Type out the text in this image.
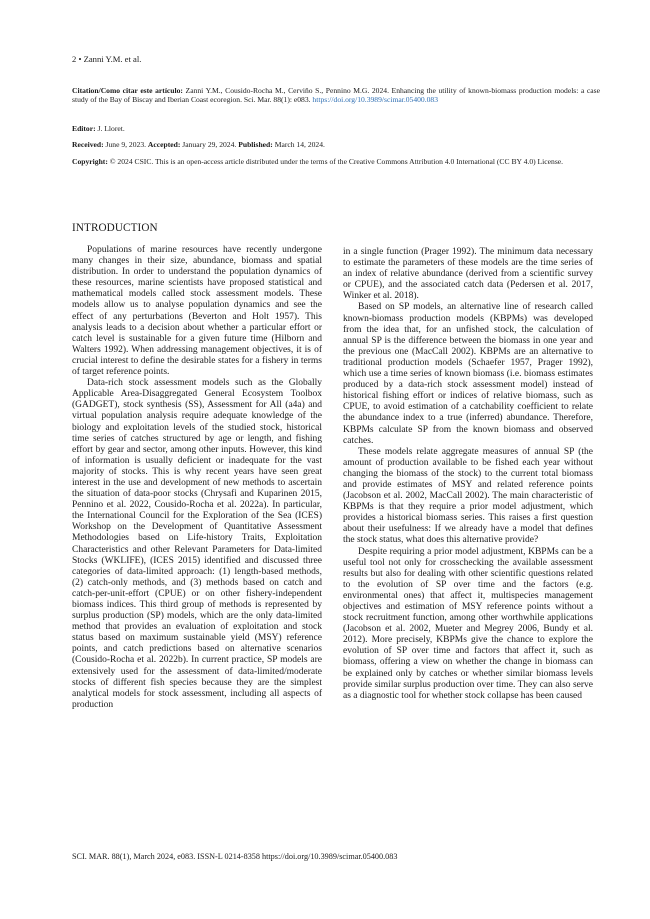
2 • Zanni Y.M. et al.
Citation/Como citar este artículo: Zanni Y.M., Cousido-Rocha M., Cerviño S., Pennino M.G. 2024. Enhancing the utility of known-biomass production models: a case study of the Bay of Biscay and Iberian Coast ecoregion. Sci. Mar. 88(1): e083. https://doi.org/10.3989/scimar.05400.083
Editor: J. Lloret.
Received: June 9, 2023. Accepted: January 29, 2024. Published: March 14, 2024.
Copyright: © 2024 CSIC. This is an open-access article distributed under the terms of the Creative Commons Attribution 4.0 International (CC BY 4.0) License.
INTRODUCTION

Populations of marine resources have recently undergone many changes in their size, abundance, biomass and spatial distribution. In order to understand the population dynamics of these resources, marine scientists have proposed statistical and mathematical models called stock assessment models. These models allow us to analyse population dynamics and see the effect of any perturbations (Beverton and Holt 1957). This analysis leads to a decision about whether a particular effort or catch level is sustainable for a given future time (Hilborn and Walters 1992). When addressing management objectives, it is of crucial interest to define the desirable states for a fishery in terms of target reference points.

Data-rich stock assessment models such as the Globally Applicable Area-Disaggregated General Ecosystem Toolbox (GADGET), stock synthesis (SS), Assessment for All (a4a) and virtual population analysis require adequate knowledge of the biology and exploitation levels of the studied stock, historical time series of catches structured by age or length, and fishing effort by gear and sector, among other inputs. However, this kind of information is usually deficient or inadequate for the vast majority of stocks. This is why recent years have seen great interest in the use and development of new methods to ascertain the situation of data-poor stocks (Chrysafi and Kuparinen 2015, Pennino et al. 2022, Cousido-Rocha et al. 2022a). In particular, the International Council for the Exploration of the Sea (ICES) Workshop on the Development of Quantitative Assessment Methodologies based on Life-history Traits, Exploitation Characteristics and other Relevant Parameters for Data-limited Stocks (WKLIFE), (ICES 2015) identified and discussed three categories of data-limited approach: (1) length-based methods, (2) catch-only methods, and (3) methods based on catch and catch-per-unit-effort (CPUE) or on other fishery-independent biomass indices. This third group of methods is represented by surplus production (SP) models, which are the only data-limited method that provides an evaluation of exploitation and stock status based on maximum sustainable yield (MSY) reference points, and catch predictions based on alternative scenarios (Cousido-Rocha et al. 2022b). In current practice, SP models are extensively used for the assessment of data-limited/moderate stocks of different fish species because they are the simplest analytical models for stock assessment, including all aspects of production

in a single function (Prager 1992). The minimum data necessary to estimate the parameters of these models are the time series of an index of relative abundance (derived from a scientific survey or CPUE), and the associated catch data (Pedersen et al. 2017, Winker et al. 2018).

Based on SP models, an alternative line of research called known-biomass production models (KBPMs) was developed from the idea that, for an unfished stock, the calculation of annual SP is the difference between the biomass in one year and the previous one (MacCall 2002). KBPMs are an alternative to traditional production models (Schaefer 1957, Prager 1992), which use a time series of known biomass (i.e. biomass estimates produced by a data-rich stock assessment model) instead of historical fishing effort or indices of relative biomass, such as CPUE, to avoid estimation of a catchability coefficient to relate the abundance index to a true (inferred) abundance. Therefore, KBPMs calculate SP from the known biomass and observed catches.

These models relate aggregate measures of annual SP (the amount of production available to be fished each year without changing the biomass of the stock) to the current total biomass and provide estimates of MSY and related reference points (Jacobson et al. 2002, MacCall 2002). The main characteristic of KBPMs is that they require a prior model adjustment, which provides a historical biomass series. This raises a first question about their usefulness: If we already have a model that defines the stock status, what does this alternative provide?

Despite requiring a prior model adjustment, KBPMs can be a useful tool not only for crosschecking the available assessment results but also for dealing with other scientific questions related to the evolution of SP over time and the factors (e.g. environmental ones) that affect it, multispecies management objectives and estimation of MSY reference points without a stock recruitment function, among other worthwhile applications (Jacobson et al. 2002, Mueter and Megrey 2006, Bundy et al. 2012). More precisely, KBPMs give the chance to explore the evolution of SP over time and factors that affect it, such as biomass, offering a view on whether the change in biomass can be explained only by catches or whether similar biomass levels provide similar surplus production over time. They can also serve as a diagnostic tool for whether stock collapse has been caused

SCI. MAR. 88(1), March 2024, e083. ISSN-L 0214-8358 https://doi.org/10.3989/scimar.05400.083
